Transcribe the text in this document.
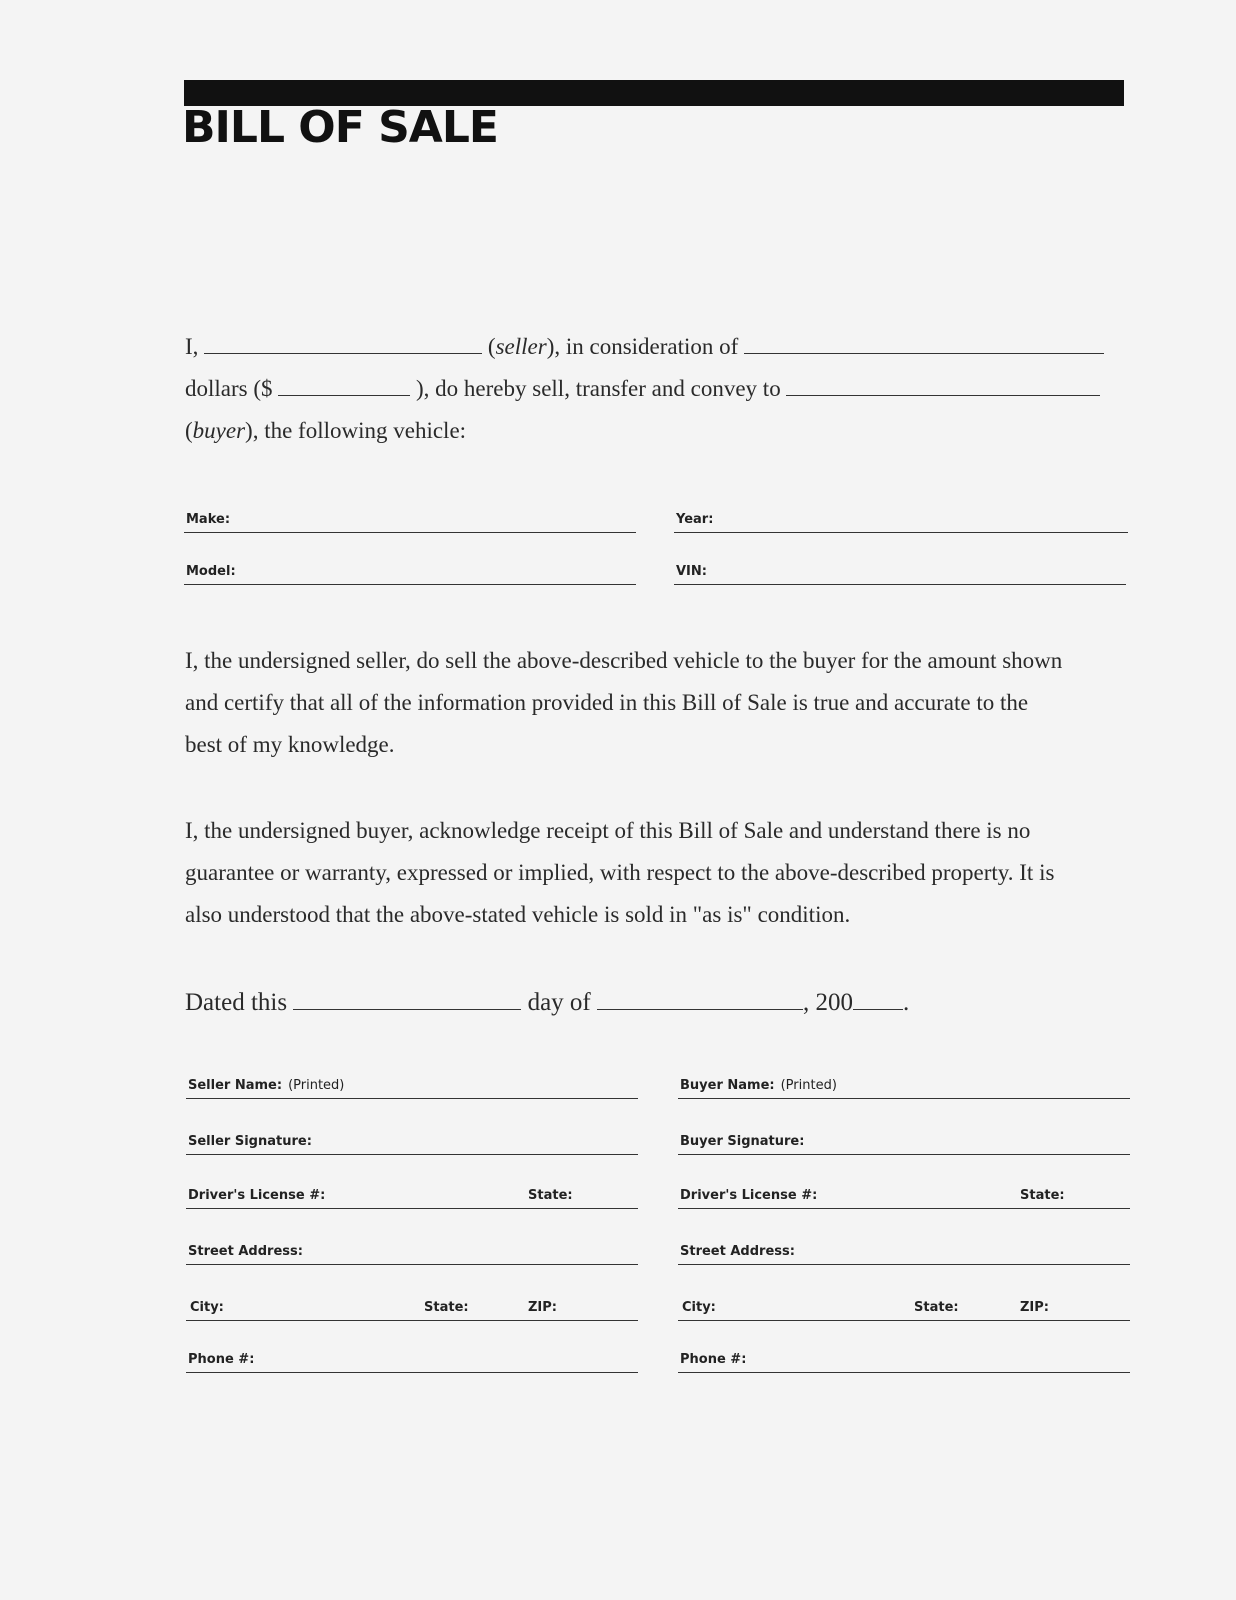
BILL OF SALE
I,	(seller), in consideration of
dollars ($	), do hereby sell, transfer and convey to
(buyer), the following vehicle:
Make:	Year:
Model:	VIN:
I, the undersigned seller, do sell the above-described vehicle to the buyer for the amount shown
and certify that all of the information provided in this Bill of Sale is true and accurate to the
best of my knowledge.
I, the undersigned buyer, acknowledge receipt of this Bill of Sale and understand there is no
guarantee or warranty, expressed or implied, with respect to the above-described property. It is
also understood that the above-stated vehicle is sold in "as is" condition.
Dated this	day of	, 200 .
Seller Name: (Printed)
Seller Signature:
Driver's License #:	State:
Street Address:
City:	State:	ZIP:
Phone #:
Buyer Name: (Printed)
Buyer Signature:
Driver's License #:	State:
Street Address:
City:	State:	ZIP:
Phone #:
